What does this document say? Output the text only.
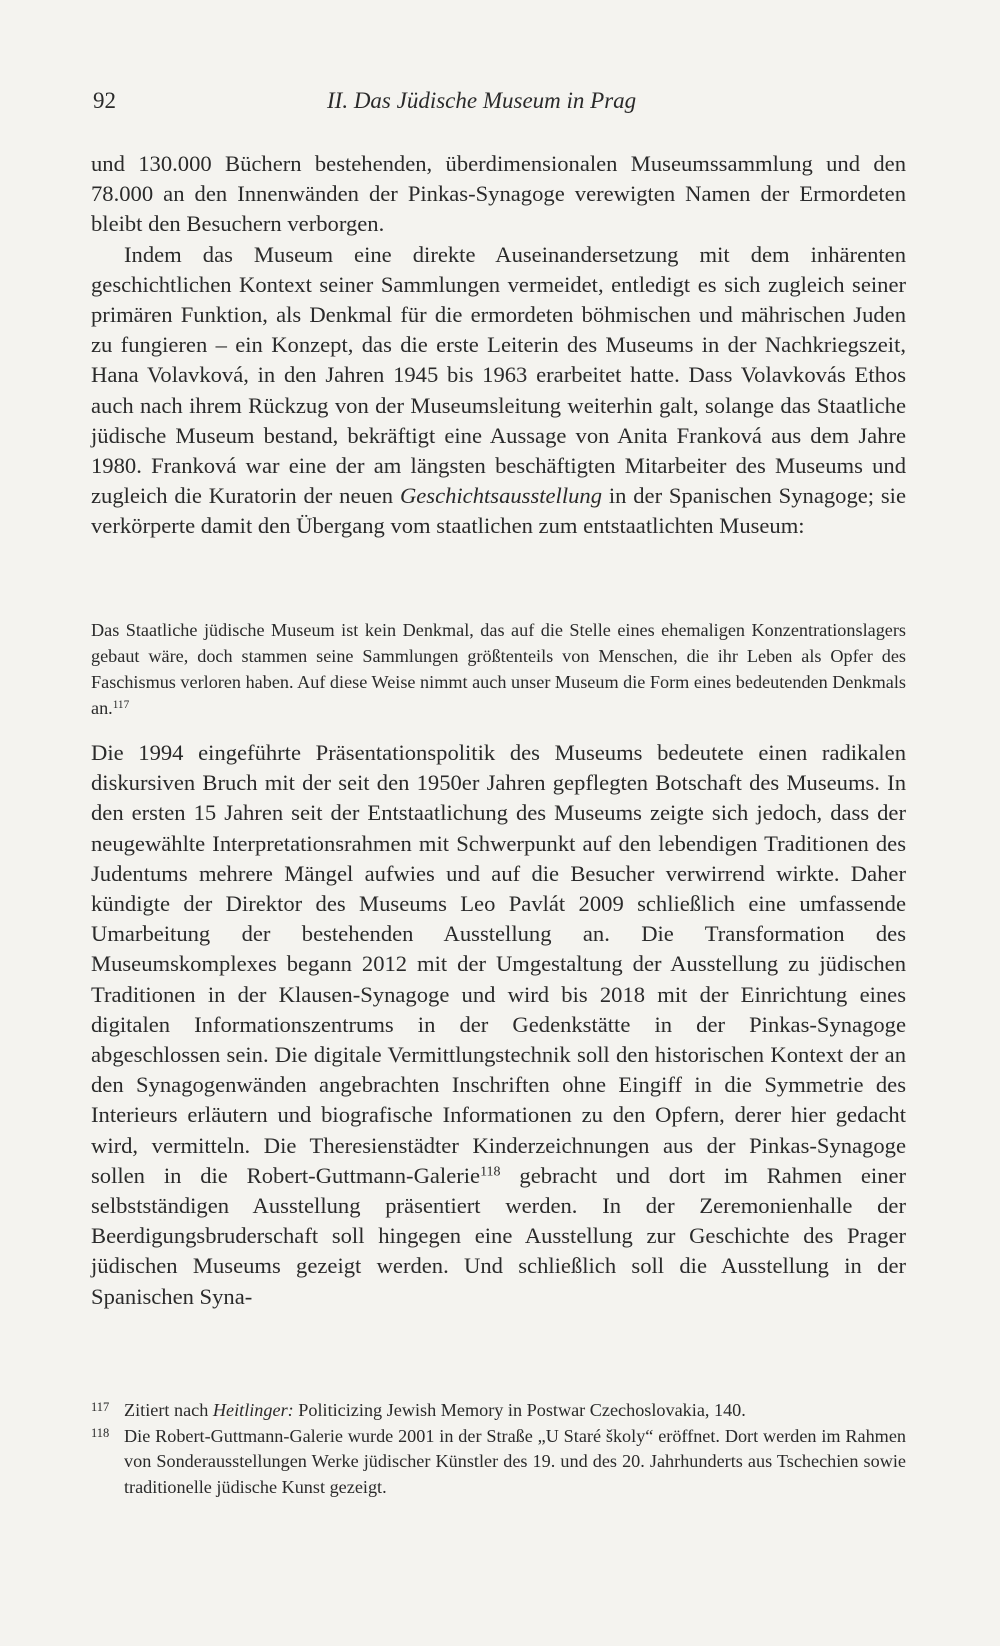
92	II. Das Jüdische Museum in Prag

und 130.000 Büchern bestehenden, überdimensionalen Museumssammlung und den 78.000 an den Innenwänden der Pinkas-Synagoge verewigten Namen der Ermordeten bleibt den Besuchern verborgen.

Indem das Museum eine direkte Auseinandersetzung mit dem inhärenten geschichtlichen Kontext seiner Sammlungen vermeidet, entledigt es sich zugleich seiner primären Funktion, als Denkmal für die ermordeten böhmischen und mährischen Juden zu fungieren – ein Konzept, das die erste Leiterin des Museums in der Nachkriegszeit, Hana Volavková, in den Jahren 1945 bis 1963 erarbeitet hatte. Dass Volavkovás Ethos auch nach ihrem Rückzug von der Museumsleitung weiterhin galt, solange das Staatliche jüdische Museum bestand, bekräftigt eine Aussage von Anita Franková aus dem Jahre 1980. Franková war eine der am längsten beschäftigten Mitarbeiter des Museums und zugleich die Kuratorin der neuen Geschichtsausstellung in der Spanischen Synagoge; sie verkörperte damit den Übergang vom staatlichen zum entstaatlichten Museum:

Das Staatliche jüdische Museum ist kein Denkmal, das auf die Stelle eines ehemaligen Konzentrationslagers gebaut wäre, doch stammen seine Sammlungen größtenteils von Menschen, die ihr Leben als Opfer des Faschismus verloren haben. Auf diese Weise nimmt auch unser Museum die Form eines bedeutenden Denkmals an.$^{117}$
Die 1994 eingeführte Präsentationspolitik des Museums bedeutete einen radikalen diskursiven Bruch mit der seit den 1950er Jahren gepflegten Botschaft des Museums. In den ersten 15 Jahren seit der Entstaatlichung des Museums zeigte sich jedoch, dass der neugewählte Interpretationsrahmen mit Schwerpunkt auf den lebendigen Traditionen des Judentums mehrere Mängel aufwies und auf die Besucher verwirrend wirkte. Daher kündigte der Direktor des Museums Leo Pavlát 2009 schließlich eine umfassende Umarbeitung der bestehenden Ausstellung an. Die Transformation des Museumskomplexes begann 2012 mit der Umgestaltung der Ausstellung zu jüdischen Traditionen in der Klausen-Synagoge und wird bis 2018 mit der Einrichtung eines digitalen Informationszentrums in der Gedenkstätte in der Pinkas-Synagoge abgeschlossen sein. Die digitale Vermittlungstechnik soll den historischen Kontext der an den Synagogenwänden angebrachten Inschriften ohne Eingiff in die Symmetrie des Interieurs erläutern und biografische Informationen zu den Opfern, derer hier gedacht wird, vermitteln. Die Theresienstädter Kinderzeichnungen aus der Pinkas-Synagoge sollen in die Robert-Guttmann-Galerie$^{118}$ gebracht und dort im Rahmen einer selbstständigen Ausstellung präsentiert werden. In der Zeremonienhalle der Beerdigungsbruderschaft soll hingegen eine Ausstellung zur Geschichte des Prager jüdischen Museums gezeigt werden. Und schließlich soll die Ausstellung in der Spanischen Syna-
117 Zitiert nach Heitlinger: Politicizing Jewish Memory in Postwar Czechoslovakia, 140.
118 Die Robert-Guttmann-Galerie wurde 2001 in der Straße „U Staré školy“ eröffnet. Dort werden im Rahmen von Sonderausstellungen Werke jüdischer Künstler des 19. und des 20. Jahrhunderts aus Tschechien sowie traditionelle jüdische Kunst gezeigt.
